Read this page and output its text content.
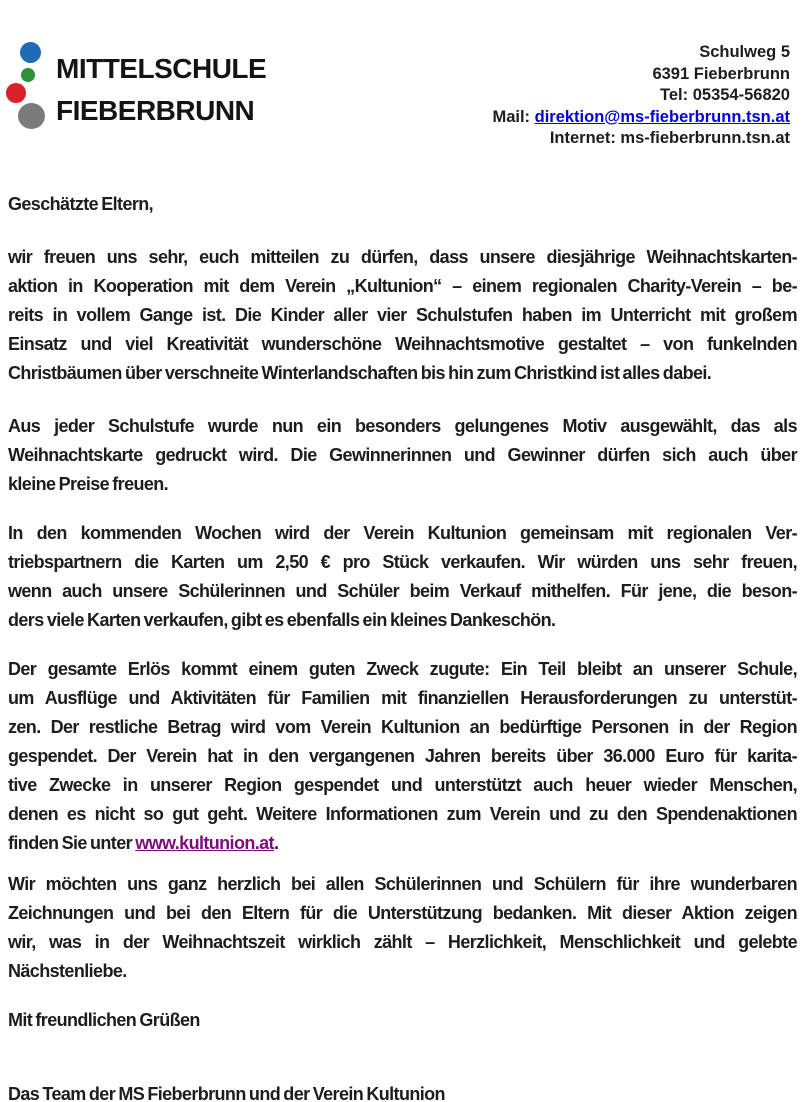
MITTELSCHULE
FIEBERBRUNN
Schulweg 5
6391 Fieberbrunn
Tel: 05354-56820
Mail: direktion@ms-fieberbrunn.tsn.at
Internet: ms-fieberbrunn.tsn.at
Geschätzte Eltern,
wir freuen uns sehr, euch mitteilen zu dürfen, dass unsere diesjährige Weihnachtskarten-
aktion in Kooperation mit dem Verein „Kultunion“ – einem regionalen Charity-Verein – be-
reits in vollem Gange ist. Die Kinder aller vier Schulstufen haben im Unterricht mit großem
Einsatz und viel Kreativität wunderschöne Weihnachtsmotive gestaltet – von funkelnden
Christbäumen über verschneite Winterlandschaften bis hin zum Christkind ist alles dabei.
Aus jeder Schulstufe wurde nun ein besonders gelungenes Motiv ausgewählt, das als
Weihnachtskarte gedruckt wird. Die Gewinnerinnen und Gewinner dürfen sich auch über
kleine Preise freuen.
In den kommenden Wochen wird der Verein Kultunion gemeinsam mit regionalen Ver-
triebspartnern die Karten um 2,50 € pro Stück verkaufen. Wir würden uns sehr freuen,
wenn auch unsere Schülerinnen und Schüler beim Verkauf mithelfen. Für jene, die beson-
ders viele Karten verkaufen, gibt es ebenfalls ein kleines Dankeschön.
Der gesamte Erlös kommt einem guten Zweck zugute: Ein Teil bleibt an unserer Schule,
um Ausflüge und Aktivitäten für Familien mit finanziellen Herausforderungen zu unterstüt-
zen. Der restliche Betrag wird vom Verein Kultunion an bedürftige Personen in der Region
gespendet. Der Verein hat in den vergangenen Jahren bereits über 36.000 Euro für karita-
tive Zwecke in unserer Region gespendet und unterstützt auch heuer wieder Menschen,
denen es nicht so gut geht. Weitere Informationen zum Verein und zu den Spendenaktionen
finden Sie unter www.kultunion.at.
Wir möchten uns ganz herzlich bei allen Schülerinnen und Schülern für ihre wunderbaren
Zeichnungen und bei den Eltern für die Unterstützung bedanken. Mit dieser Aktion zeigen
wir, was in der Weihnachtszeit wirklich zählt – Herzlichkeit, Menschlichkeit und gelebte
Nächstenliebe.
Mit freundlichen Grüßen
Das Team der MS Fieberbrunn und der Verein Kultunion
